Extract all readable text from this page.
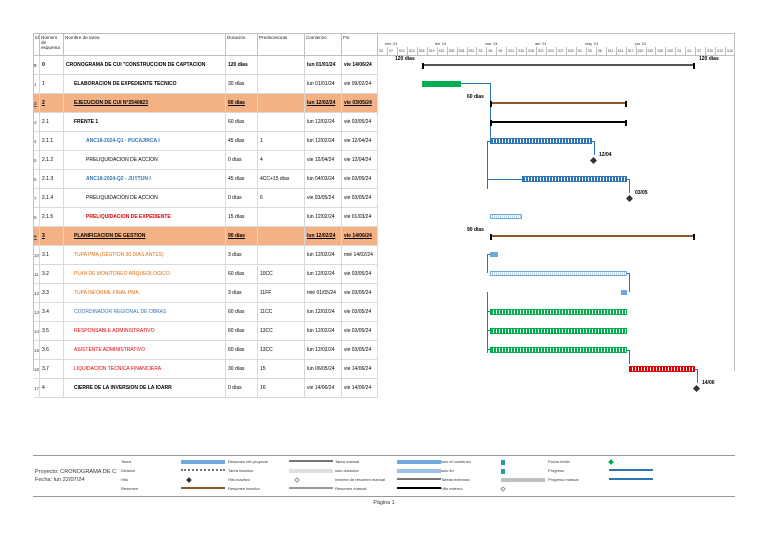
Id Número de esquema
Nombre de tarea	Duración	Predecesoras	Comienzo	Fin
0	0	CRONOGRAMA DE CUI "CONSTRUCCION DE CAPTACION	120 días	lun 01/01/24	vie 14/06/24
1	1	ELABORACION DE EXPEDIENTE TECNICO	30 días	lun 01/01/24	vie 09/02/24
2	2	EJECUCION DE CUI N°2540823	60 días	lun 12/02/24	vie 03/05/24
3	2.1	FRENTE 1	60 días	lun 12/02/24	vie 03/05/24
4	2.1.1	ANC18-2024-Q1 - PUCAJIRCA I	45 días	1	lun 12/02/24	vie 12/04/24
5	2.1.2	PRELIQUIDACION DE ACCION	0 días	4	vie 12/04/24	vie 12/04/24
6	2.1.3	ANC18-2024-Q2 - JUYTUN I	45 días	4CC+15 días	lun 04/03/24	vie 03/05/24
7	2.1.4	PRELIQUIDACION DE ACCION	0 días	6	vie 03/05/24	vie 03/05/24
8	2.1.5	PRELIQUIDACION DE EXPEDIENTE	15 días	lun 12/02/24	vie 01/03/24
9	3	PLANIFICACION DE GESTION	90 días	lun 12/02/24	vie 14/06/24
10 3.1	TUPA PMA (GESTION 30 DIAS ANTES)	3 días	lun 12/02/24	mié 14/02/24
11 3.2	PLAN DE MONITOREO ARQUEOLOGICO	60 días	10CC	lun 12/02/24	vie 03/05/24
12 3.3	TUPA INFORME FINAL PMA	3 días	11FF	mié 01/05/24	vie 03/05/24
13 3.4	COORDINADOR REGIONAL DE OBRAS	60 días	11CC	lun 12/02/24	vie 03/05/24
14 3.5	RESPONSABLE ADMINISTRATIVO	60 días	13CC	lun 12/02/24	vie 03/05/24
15 3.6	ASISTENTE ADMINISTRATIVO	60 días	13CC	lun 12/02/24	vie 03/05/24
16 3.7	LIQUIDACION TECNICA FINANCIERA	30 días	15	lun 06/05/24	vie 14/06/24
17 4	CIERRE DE LA INVERSION DE LA IOARR	0 días	16	vie 14/06/24	vie 14/06/24
ene '24	feb '24	mar '24	abr '24	may '24	jun '24
S4	V7	S10	S13	S16	S19	S22	S25	S28	S31	S3	S6	S9	S12	S15	S18	S21	S24	S27	S30	S2	S5	S8	S11	S14	S17	S20	S23	S26	S29	S1	S4	S7	S10	S13	S16
120 días	120 días
60 días
12/04
03/05
90 días
14/06
Proyecto: CRONOGRAMA DE C
Fecha: lun 22/07/24
Tarea
División
Hito
Resumen
Resumen del proyecto
Tarea inactiva
Hito inactivo
Resumen inactivo
Tarea manual
solo duración
Informe de resumen manual
Resumen manual
solo el comienzo
solo fin
Tareas externas
Hito externo
Fecha límite
Progreso
Progreso manual
Página 1
